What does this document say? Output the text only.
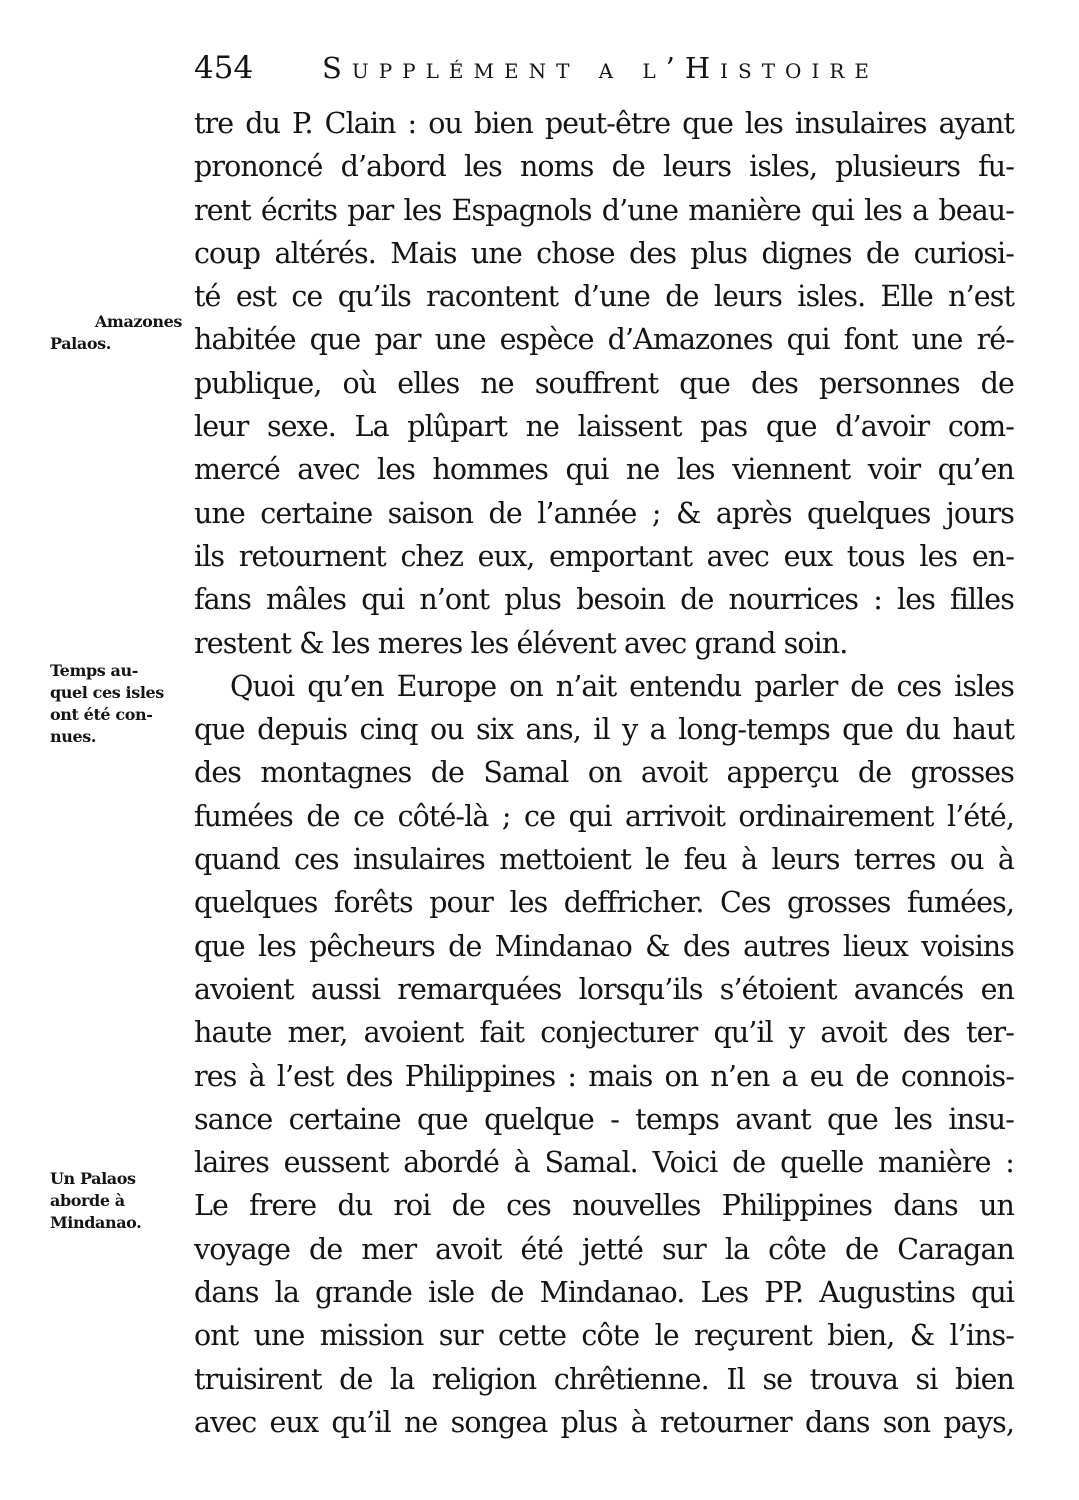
454 Supplément a l’Histoire
Amazones
Palaos.
Temps au-
quel ces isles
ont été con-
nues.
Un Palaos
aborde à
Mindanao.
tre du P. Clain : ou bien peut-être que les insulaires ayant
prononcé d’abord les noms de leurs isles, plusieurs fu-
rent écrits par les Espagnols d’une manière qui les a beau-
coup altérés. Mais une chose des plus dignes de curiosi-
té est ce qu’ils racontent d’une de leurs isles. Elle n’est
habitée que par une espèce d’Amazones qui font une ré-
publique, où elles ne souffrent que des personnes de
leur sexe. La plûpart ne laissent pas que d’avoir com-
mercé avec les hommes qui ne les viennent voir qu’en
une certaine saison de l’année ; & après quelques jours
ils retournent chez eux, emportant avec eux tous les en-
fans mâles qui n’ont plus besoin de nourrices : les filles
restent & les meres les élévent avec grand soin.
Quoi qu’en Europe on n’ait entendu parler de ces isles
que depuis cinq ou six ans, il y a long-temps que du haut
des montagnes de Samal on avoit apperçu de grosses
fumées de ce côté-là ; ce qui arrivoit ordinairement l’été,
quand ces insulaires mettoient le feu à leurs terres ou à
quelques forêts pour les deffricher. Ces grosses fumées,
que les pêcheurs de Mindanao & des autres lieux voisins
avoient aussi remarquées lorsqu’ils s’étoient avancés en
haute mer, avoient fait conjecturer qu’il y avoit des ter-
res à l’est des Philippines : mais on n’en a eu de connois-
sance certaine que quelque - temps avant que les insu-
laires eussent abordé à Samal. Voici de quelle manière :
Le frere du roi de ces nouvelles Philippines dans un
voyage de mer avoit été jetté sur la côte de Caragan
dans la grande isle de Mindanao. Les PP. Augustins qui
ont une mission sur cette côte le reçurent bien, & l’ins-
truisirent de la religion chrêtienne. Il se trouva si bien
avec eux qu’il ne songea plus à retourner dans son pays,
